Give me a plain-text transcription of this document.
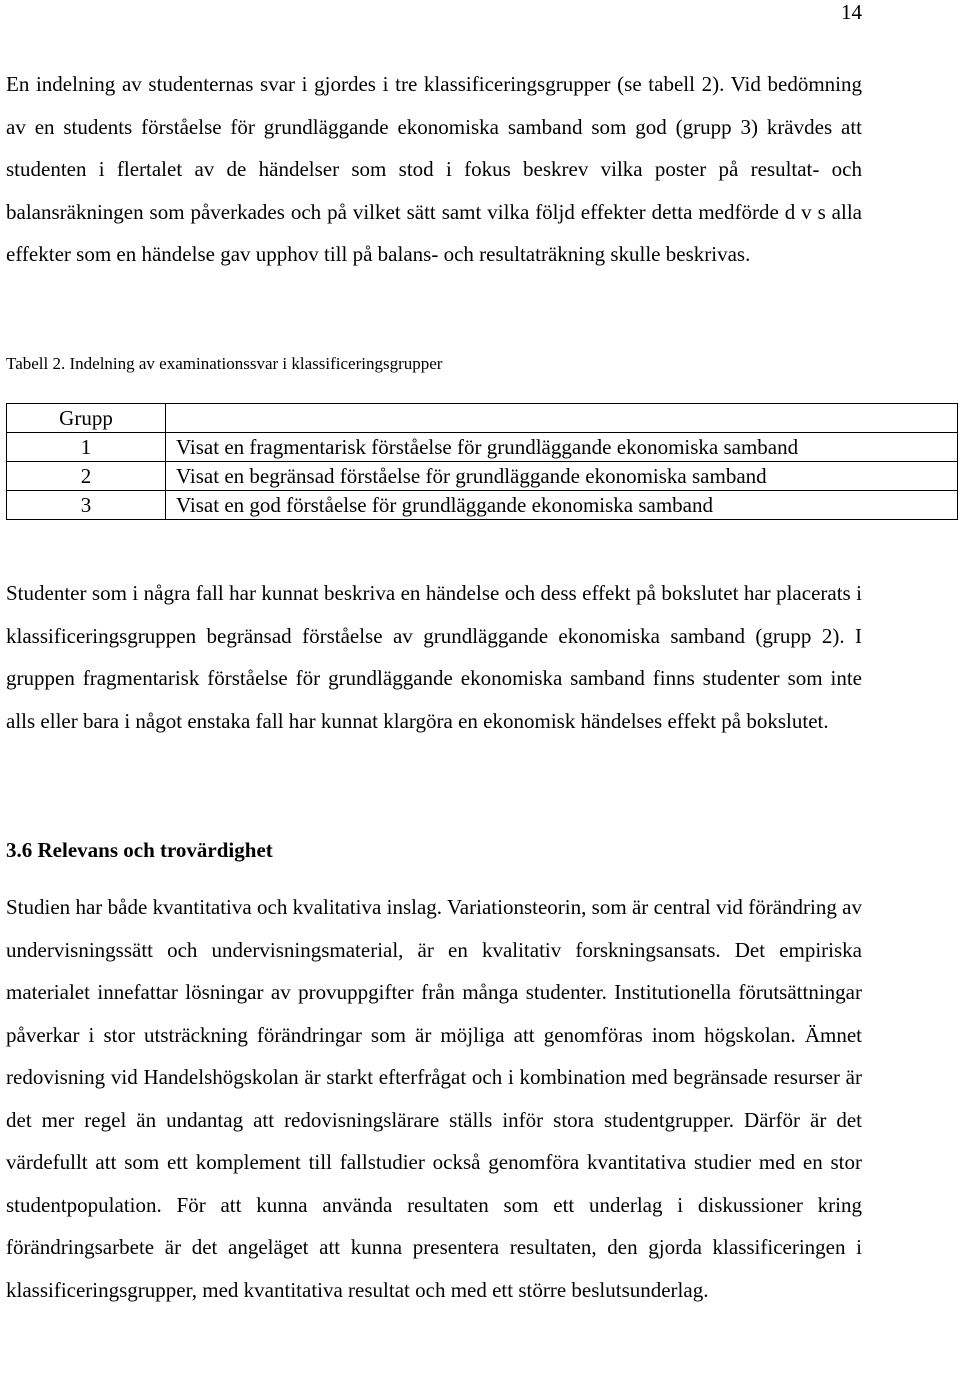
14

En indelning av studenternas svar i gjordes i tre klassificeringsgrupper (se tabell 2). Vid bedömning av en students förståelse för grundläggande ekonomiska samband som god (grupp 3) krävdes att studenten i flertalet av de händelser som stod i fokus beskrev vilka poster på resultat- och balansräkningen som påverkades och på vilket sätt samt vilka följd effekter detta medförde d v s alla effekter som en händelse gav upphov till på balans- och resultaträkning skulle beskrivas.

Tabell 2. Indelning av examinationssvar i klassificeringsgrupper

Grupp	
1	Visat en fragmentarisk förståelse för grundläggande ekonomiska samband
2	Visat en begränsad förståelse för grundläggande ekonomiska samband
3	Visat en god förståelse för grundläggande ekonomiska samband

Studenter som i några fall har kunnat beskriva en händelse och dess effekt på bokslutet har placerats i klassificeringsgruppen begränsad förståelse av grundläggande ekonomiska samband (grupp 2). I gruppen fragmentarisk förståelse för grundläggande ekonomiska samband finns studenter som inte alls eller bara i något enstaka fall har kunnat klargöra en ekonomisk händelses effekt på bokslutet.

3.6 Relevans och trovärdighet

Studien har både kvantitativa och kvalitativa inslag. Variationsteorin, som är central vid förändring av undervisningssätt och undervisningsmaterial, är en kvalitativ forskningsansats. Det empiriska materialet innefattar lösningar av provuppgifter från många studenter. Institutionella förutsättningar påverkar i stor utsträckning förändringar som är möjliga att genomföras inom högskolan. Ämnet redovisning vid Handelshögskolan är starkt efterfrågat och i kombination med begränsade resurser är det mer regel än undantag att redovisningslärare ställs inför stora studentgrupper. Därför är det värdefullt att som ett komplement till fallstudier också genomföra kvantitativa studier med en stor studentpopulation. För att kunna använda resultaten som ett underlag i diskussioner kring förändringsarbete är det angeläget att kunna presentera resultaten, den gjorda klassificeringen i klassificeringsgrupper, med kvantitativa resultat och med ett större beslutsunderlag.
